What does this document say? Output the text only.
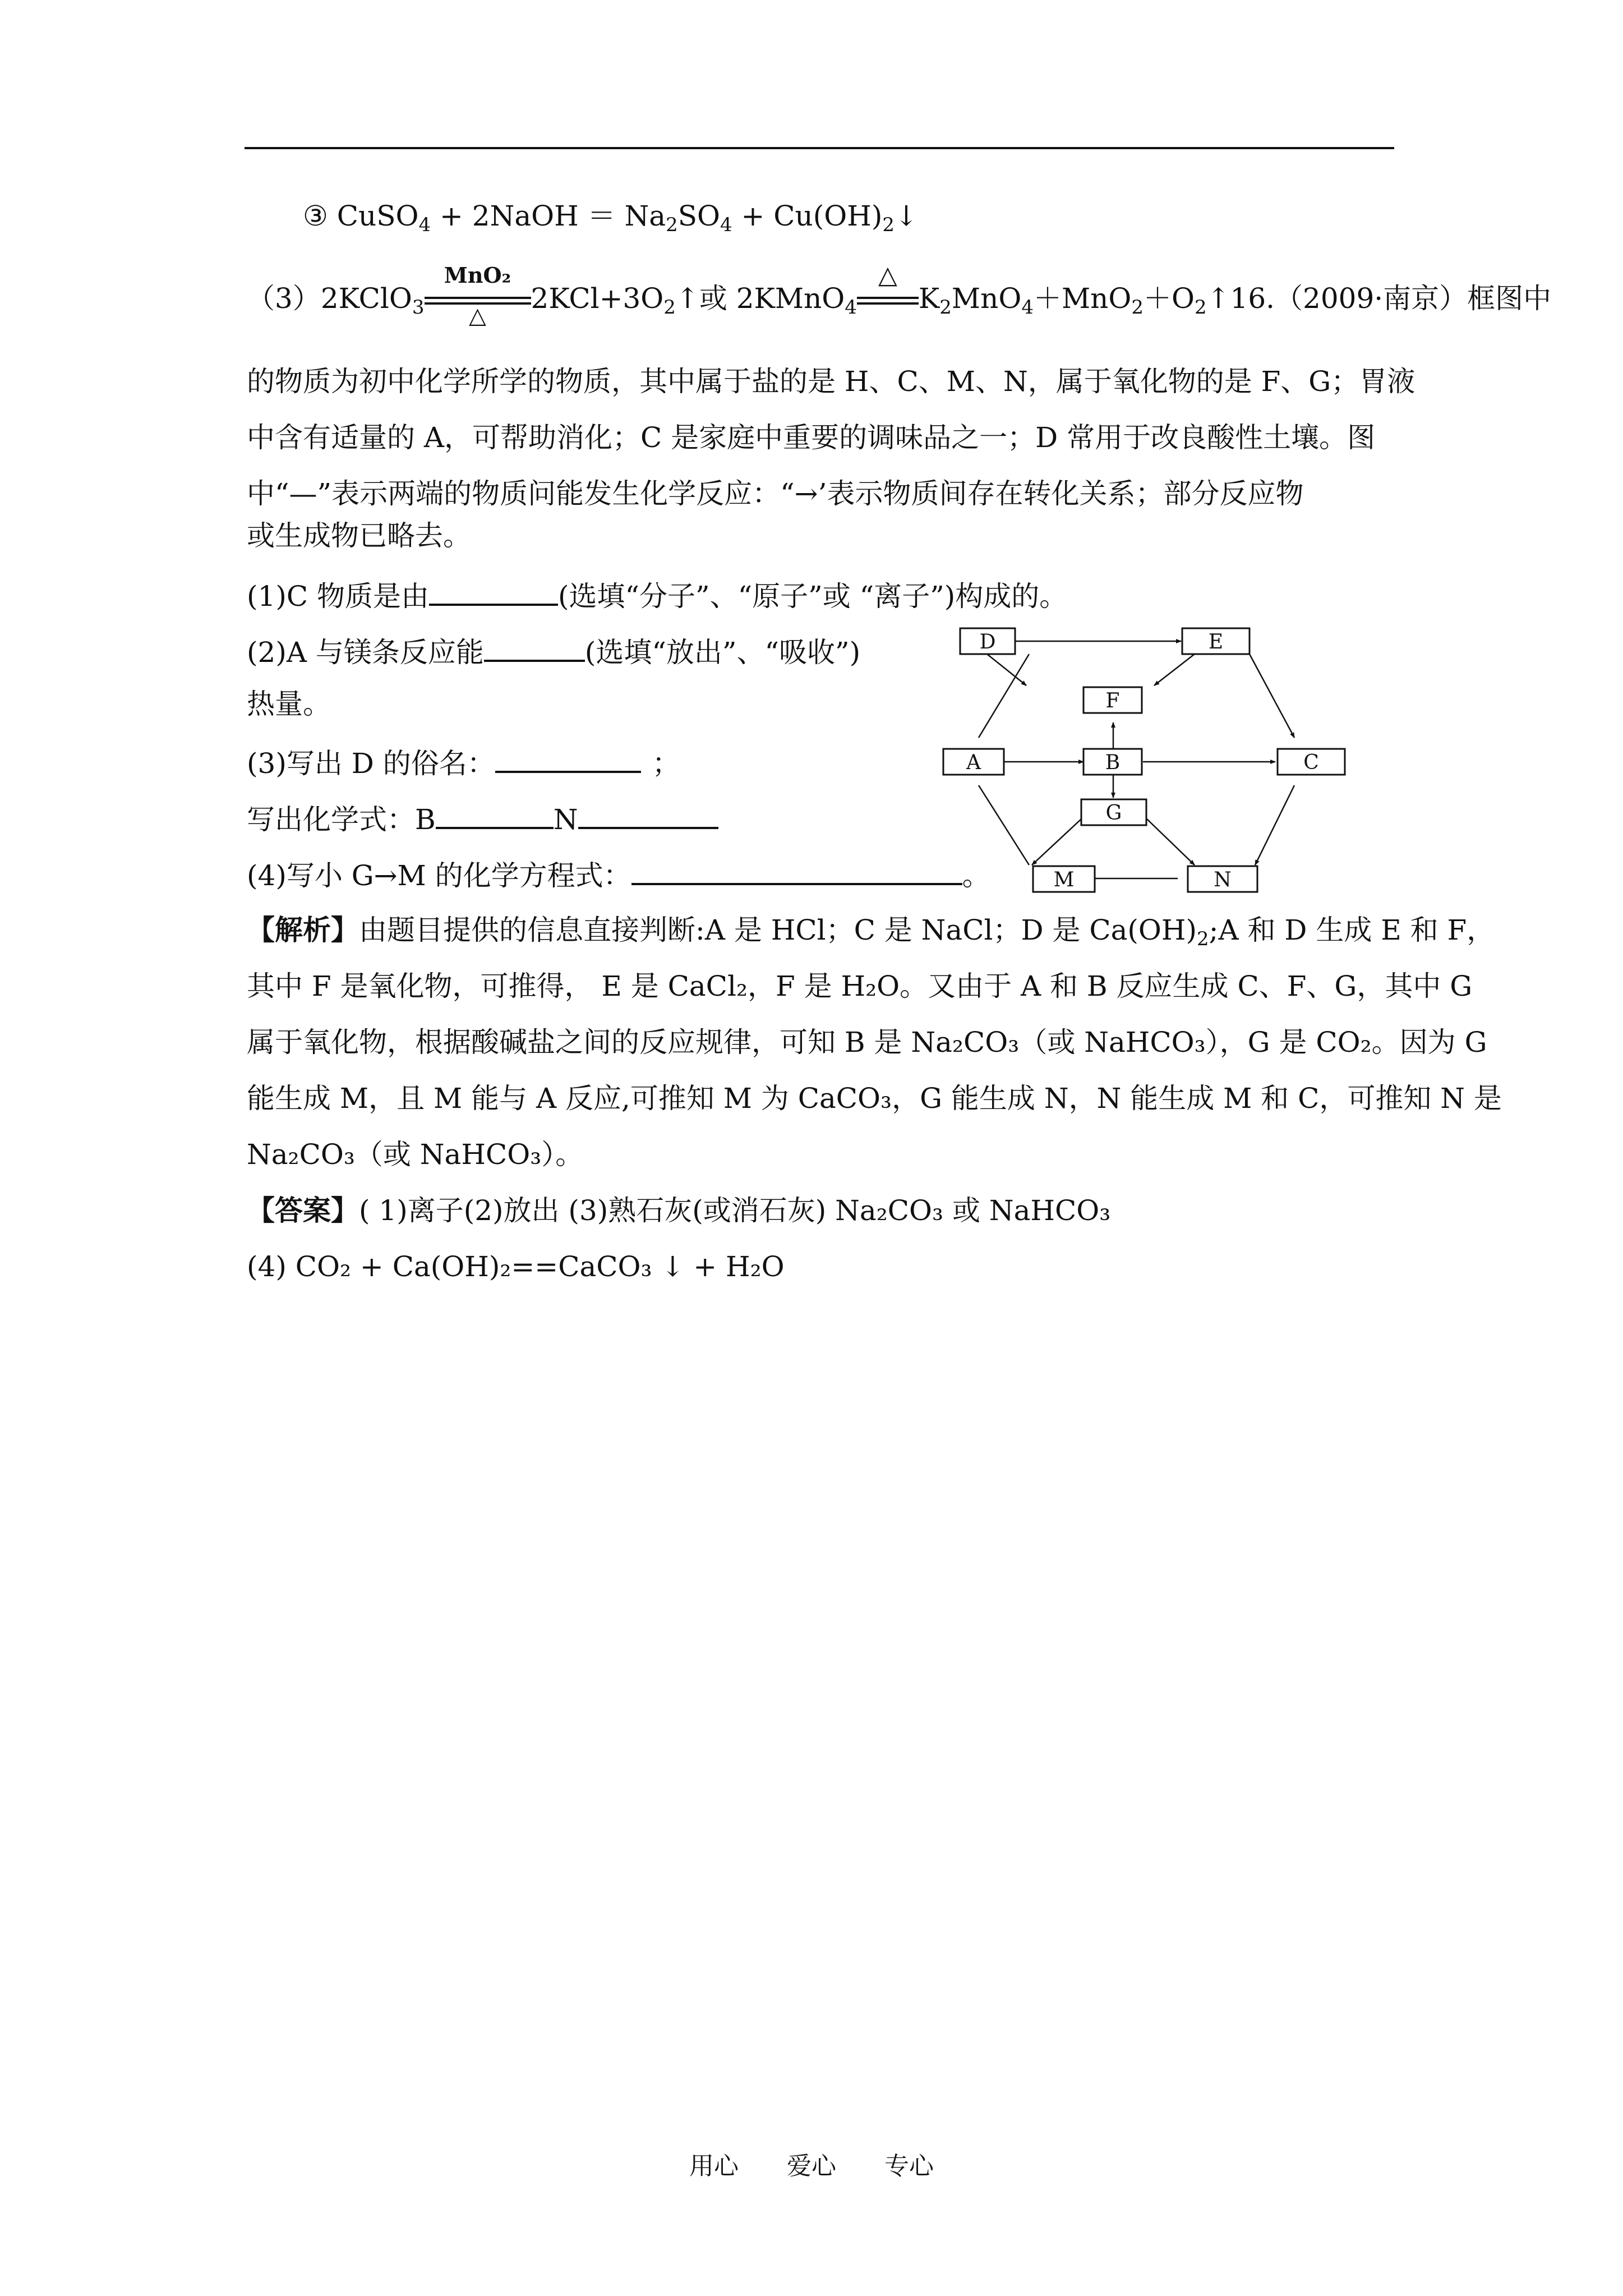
③ CuSO$_4$ + 2NaOH ＝ $Na_2SO_4$ + $Cu(OH)_2↓$
（3）2KClO$_3$
MnO₂
△
$2KCl+3O_2↑$或 2KMnO$_4$
△
$K_2MnO_4+MnO_2+O_2↑16.(2009\cdot$南京）框图中
的物质为初中化学所学的物质，其中属于盐的是 H、C、M、N，属于氧化物的是 F、G；胃液
中含有适量的 A，可帮助消化；C 是家庭中重要的调味品之一；D 常用于改良酸性土壤。图
中“—”表示两端的物质问能发生化学反应：“→’表示物质间存在转化关系；部分反应物
或生成物已略去。
(1)C 物质是由	(选填“分子”、“原子”或 “离子”)构成的。
(2)A 与镁条反应能	(选填“放出”、“吸收”)
热量。
(3)写出 D 的俗名：	；
写出化学式：B	N
(4)写小 G→M 的化学方程式：	。
【解析】由题目提供的信息直接判断:A 是 HCl；C 是 NaCl；D 是 $Ca(OH)_2;A$ 和 D 生成 E 和 F，
其中 F 是氧化物，可推得， E 是 CaCl₂，F 是 H₂O。又由于 A 和 B 反应生成 C、F、G，其中 G
属于氧化物，根据酸碱盐之间的反应规律，可知 B 是 Na₂CO₃（或 NaHCO₃），G 是 CO₂。因为 G
能生成 M，且 M 能与 A 反应,可推知 M 为 CaCO₃，G 能生成 N，N 能生成 M 和 C，可推知 N 是
Na₂CO₃（或 NaHCO₃）。
【答案】( 1)离子(2)放出 (3)熟石灰(或消石灰) Na₂CO₃ 或 NaHCO₃
(4) CO₂ + Ca(OH)₂==CaCO₃ ↓ + H₂O
D	E
F
A	B	C
G
M	N
用心 爱心 专心
